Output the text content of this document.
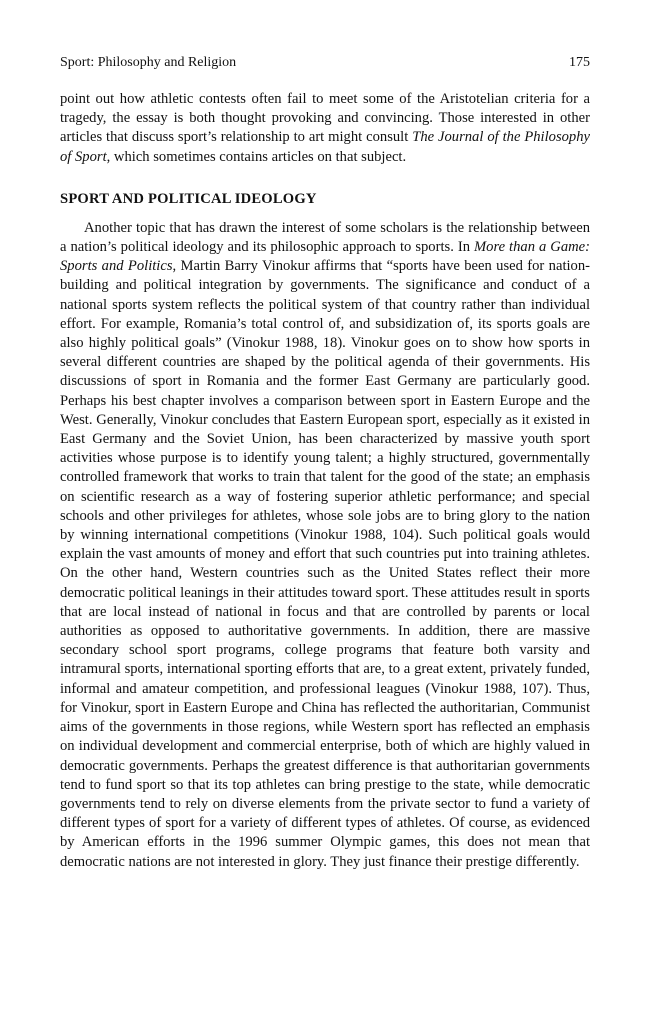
Sport: Philosophy and Religion	175

point out how athletic contests often fail to meet some of the Aristotelian criteria for a tragedy, the essay is both thought provoking and convincing. Those interested in other articles that discuss sport’s relationship to art might consult The Journal of the Philosophy of Sport, which sometimes contains articles on that subject.

SPORT AND POLITICAL IDEOLOGY

Another topic that has drawn the interest of some scholars is the relationship between a nation’s political ideology and its philosophic approach to sports. In More than a Game: Sports and Politics, Martin Barry Vinokur affirms that “sports have been used for nation-building and political integration by governments. The significance and conduct of a national sports system reflects the political system of that country rather than individual effort. For example, Romania’s total control of, and subsidization of, its sports goals are also highly political goals” (Vinokur 1988, 18). Vinokur goes on to show how sports in several different countries are shaped by the political agenda of their governments. His discussions of sport in Romania and the former East Germany are particularly good. Perhaps his best chapter involves a comparison between sport in Eastern Europe and the West. Generally, Vinokur concludes that Eastern European sport, especially as it existed in East Germany and the Soviet Union, has been characterized by massive youth sport activities whose purpose is to identify young talent; a highly structured, governmentally controlled framework that works to train that talent for the good of the state; an emphasis on scientific research as a way of fostering superior athletic performance; and special schools and other privileges for athletes, whose sole jobs are to bring glory to the nation by winning international competitions (Vinokur 1988, 104). Such political goals would explain the vast amounts of money and effort that such countries put into training athletes. On the other hand, Western countries such as the United States reflect their more democratic political leanings in their attitudes toward sport. These attitudes result in sports that are local instead of national in focus and that are controlled by parents or local authorities as opposed to authoritative governments. In addition, there are massive secondary school sport programs, college programs that feature both varsity and intramural sports, international sporting efforts that are, to a great extent, privately funded, informal and amateur competition, and professional leagues (Vinokur 1988, 107). Thus, for Vinokur, sport in Eastern Europe and China has reflected the authoritarian, Communist aims of the governments in those regions, while Western sport has reflected an emphasis on individual development and commercial enterprise, both of which are highly valued in democratic governments. Perhaps the greatest difference is that authoritarian governments tend to fund sport so that its top athletes can bring prestige to the state, while democratic governments tend to rely on diverse elements from the private sector to fund a variety of different types of sport for a variety of different types of athletes. Of course, as evidenced by American efforts in the 1996 summer Olympic games, this does not mean that democratic nations are not interested in glory. They just finance their prestige differently.
